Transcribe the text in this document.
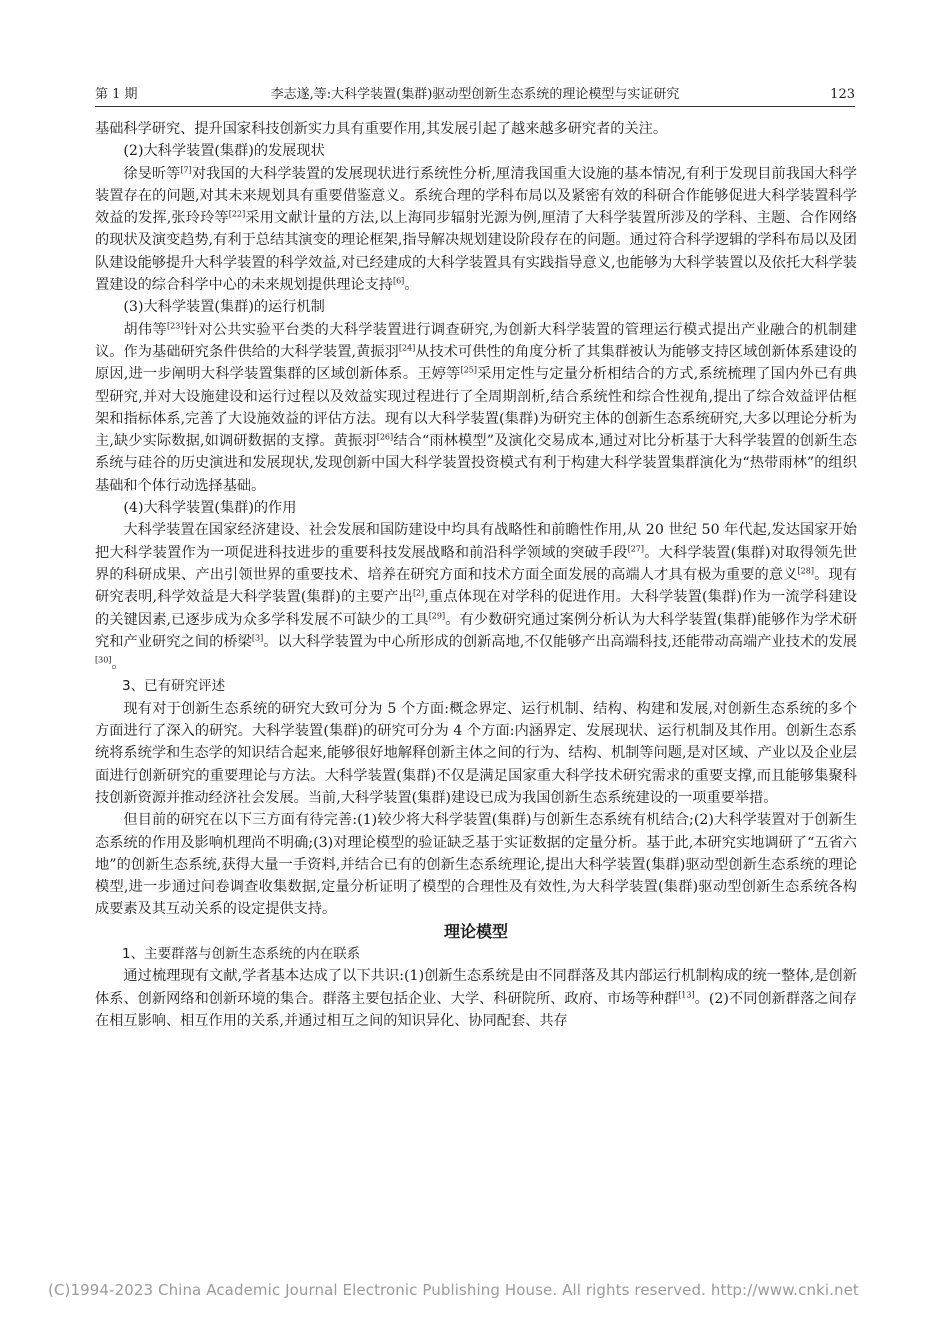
第 1 期	李志遂,等:大科学装置(集群)驱动型创新生态系统的理论模型与实证研究	123

基础科学研究、提升国家科技创新实力具有重要作用,其发展引起了越来越多研究者的关注。

(2)大科学装置(集群)的发展现状

徐旻昕等[7]对我国的大科学装置的发展现状进行系统性分析,厘清我国重大设施的基本情况,有利于发现目前我国大科学装置存在的问题,对其未来规划具有重要借鉴意义。系统合理的学科布局以及紧密有效的科研合作能够促进大科学装置科学效益的发挥,张玲玲等[22]采用文献计量的方法,以上海同步辐射光源为例,厘清了大科学装置所涉及的学科、主题、合作网络的现状及演变趋势,有利于总结其演变的理论框架,指导解决规划建设阶段存在的问题。通过符合科学逻辑的学科布局以及团队建设能够提升大科学装置的科学效益,对已经建成的大科学装置具有实践指导意义,也能够为大科学装置以及依托大科学装置建设的综合科学中心的未来规划提供理论支持[6]。

(3)大科学装置(集群)的运行机制

胡伟等[23]针对公共实验平台类的大科学装置进行调查研究,为创新大科学装置的管理运行模式提出产业融合的机制建议。作为基础研究条件供给的大科学装置,黄振羽[24]从技术可供性的角度分析了其集群被认为能够支持区域创新体系建设的原因,进一步阐明大科学装置集群的区域创新体系。王婷等[25]采用定性与定量分析相结合的方式,系统梳理了国内外已有典型研究,并对大设施建设和运行过程以及效益实现过程进行了全周期剖析,结合系统性和综合性视角,提出了综合效益评估框架和指标体系,完善了大设施效益的评估方法。现有以大科学装置(集群)为研究主体的创新生态系统研究,大多以理论分析为主,缺少实际数据,如调研数据的支撑。黄振羽[26]结合“雨林模型”及演化交易成本,通过对比分析基于大科学装置的创新生态系统与硅谷的历史演进和发展现状,发现创新中国大科学装置投资模式有利于构建大科学装置集群演化为“热带雨林”的组织基础和个体行动选择基础。

(4)大科学装置(集群)的作用

大科学装置在国家经济建设、社会发展和国防建设中均具有战略性和前瞻性作用,从 20 世纪 50 年代起,发达国家开始把大科学装置作为一项促进科技进步的重要科技发展战略和前沿科学领域的突破手段[27]。大科学装置(集群)对取得领先世界的科研成果、产出引领世界的重要技术、培养在研究方面和技术方面全面发展的高端人才具有极为重要的意义[28]。现有研究表明,科学效益是大科学装置(集群)的主要产出[2],重点体现在对学科的促进作用。大科学装置(集群)作为一流学科建设的关键因素,已逐步成为众多学科发展不可缺少的工具[29]。有少数研究通过案例分析认为大科学装置(集群)能够作为学术研究和产业研究之间的桥梁[3]。以大科学装置为中心所形成的创新高地,不仅能够产出高端科技,还能带动高端产业技术的发展[30]。

3、已有研究评述

现有对于创新生态系统的研究大致可分为 5 个方面:概念界定、运行机制、结构、构建和发展,对创新生态系统的多个方面进行了深入的研究。大科学装置(集群)的研究可分为 4 个方面:内涵界定、发展现状、运行机制及其作用。创新生态系统将系统学和生态学的知识结合起来,能够很好地解释创新主体之间的行为、结构、机制等问题,是对区域、产业以及企业层面进行创新研究的重要理论与方法。大科学装置(集群)不仅是满足国家重大科学技术研究需求的重要支撑,而且能够集聚科技创新资源并推动经济社会发展。当前,大科学装置(集群)建设已成为我国创新生态系统建设的一项重要举措。

但目前的研究在以下三方面有待完善:(1)较少将大科学装置(集群)与创新生态系统有机结合;(2)大科学装置对于创新生态系统的作用及影响机理尚不明确;(3)对理论模型的验证缺乏基于实证数据的定量分析。基于此,本研究实地调研了“五省六地”的创新生态系统,获得大量一手资料,并结合已有的创新生态系统理论,提出大科学装置(集群)驱动型创新生态系统的理论模型,进一步通过问卷调查收集数据,定量分析证明了模型的合理性及有效性,为大科学装置(集群)驱动型创新生态系统各构成要素及其互动关系的设定提供支持。

理论模型

1、主要群落与创新生态系统的内在联系

通过梳理现有文献,学者基本达成了以下共识:(1)创新生态系统是由不同群落及其内部运行机制构成的统一整体,是创新体系、创新网络和创新环境的集合。群落主要包括企业、大学、科研院所、政府、市场等种群[13]。(2)不同创新群落之间存在相互影响、相互作用的关系,并通过相互之间的知识异化、协同配套、共存

(C)1994-2023 China Academic Journal Electronic Publishing House. All rights reserved. http://www.cnki.net
